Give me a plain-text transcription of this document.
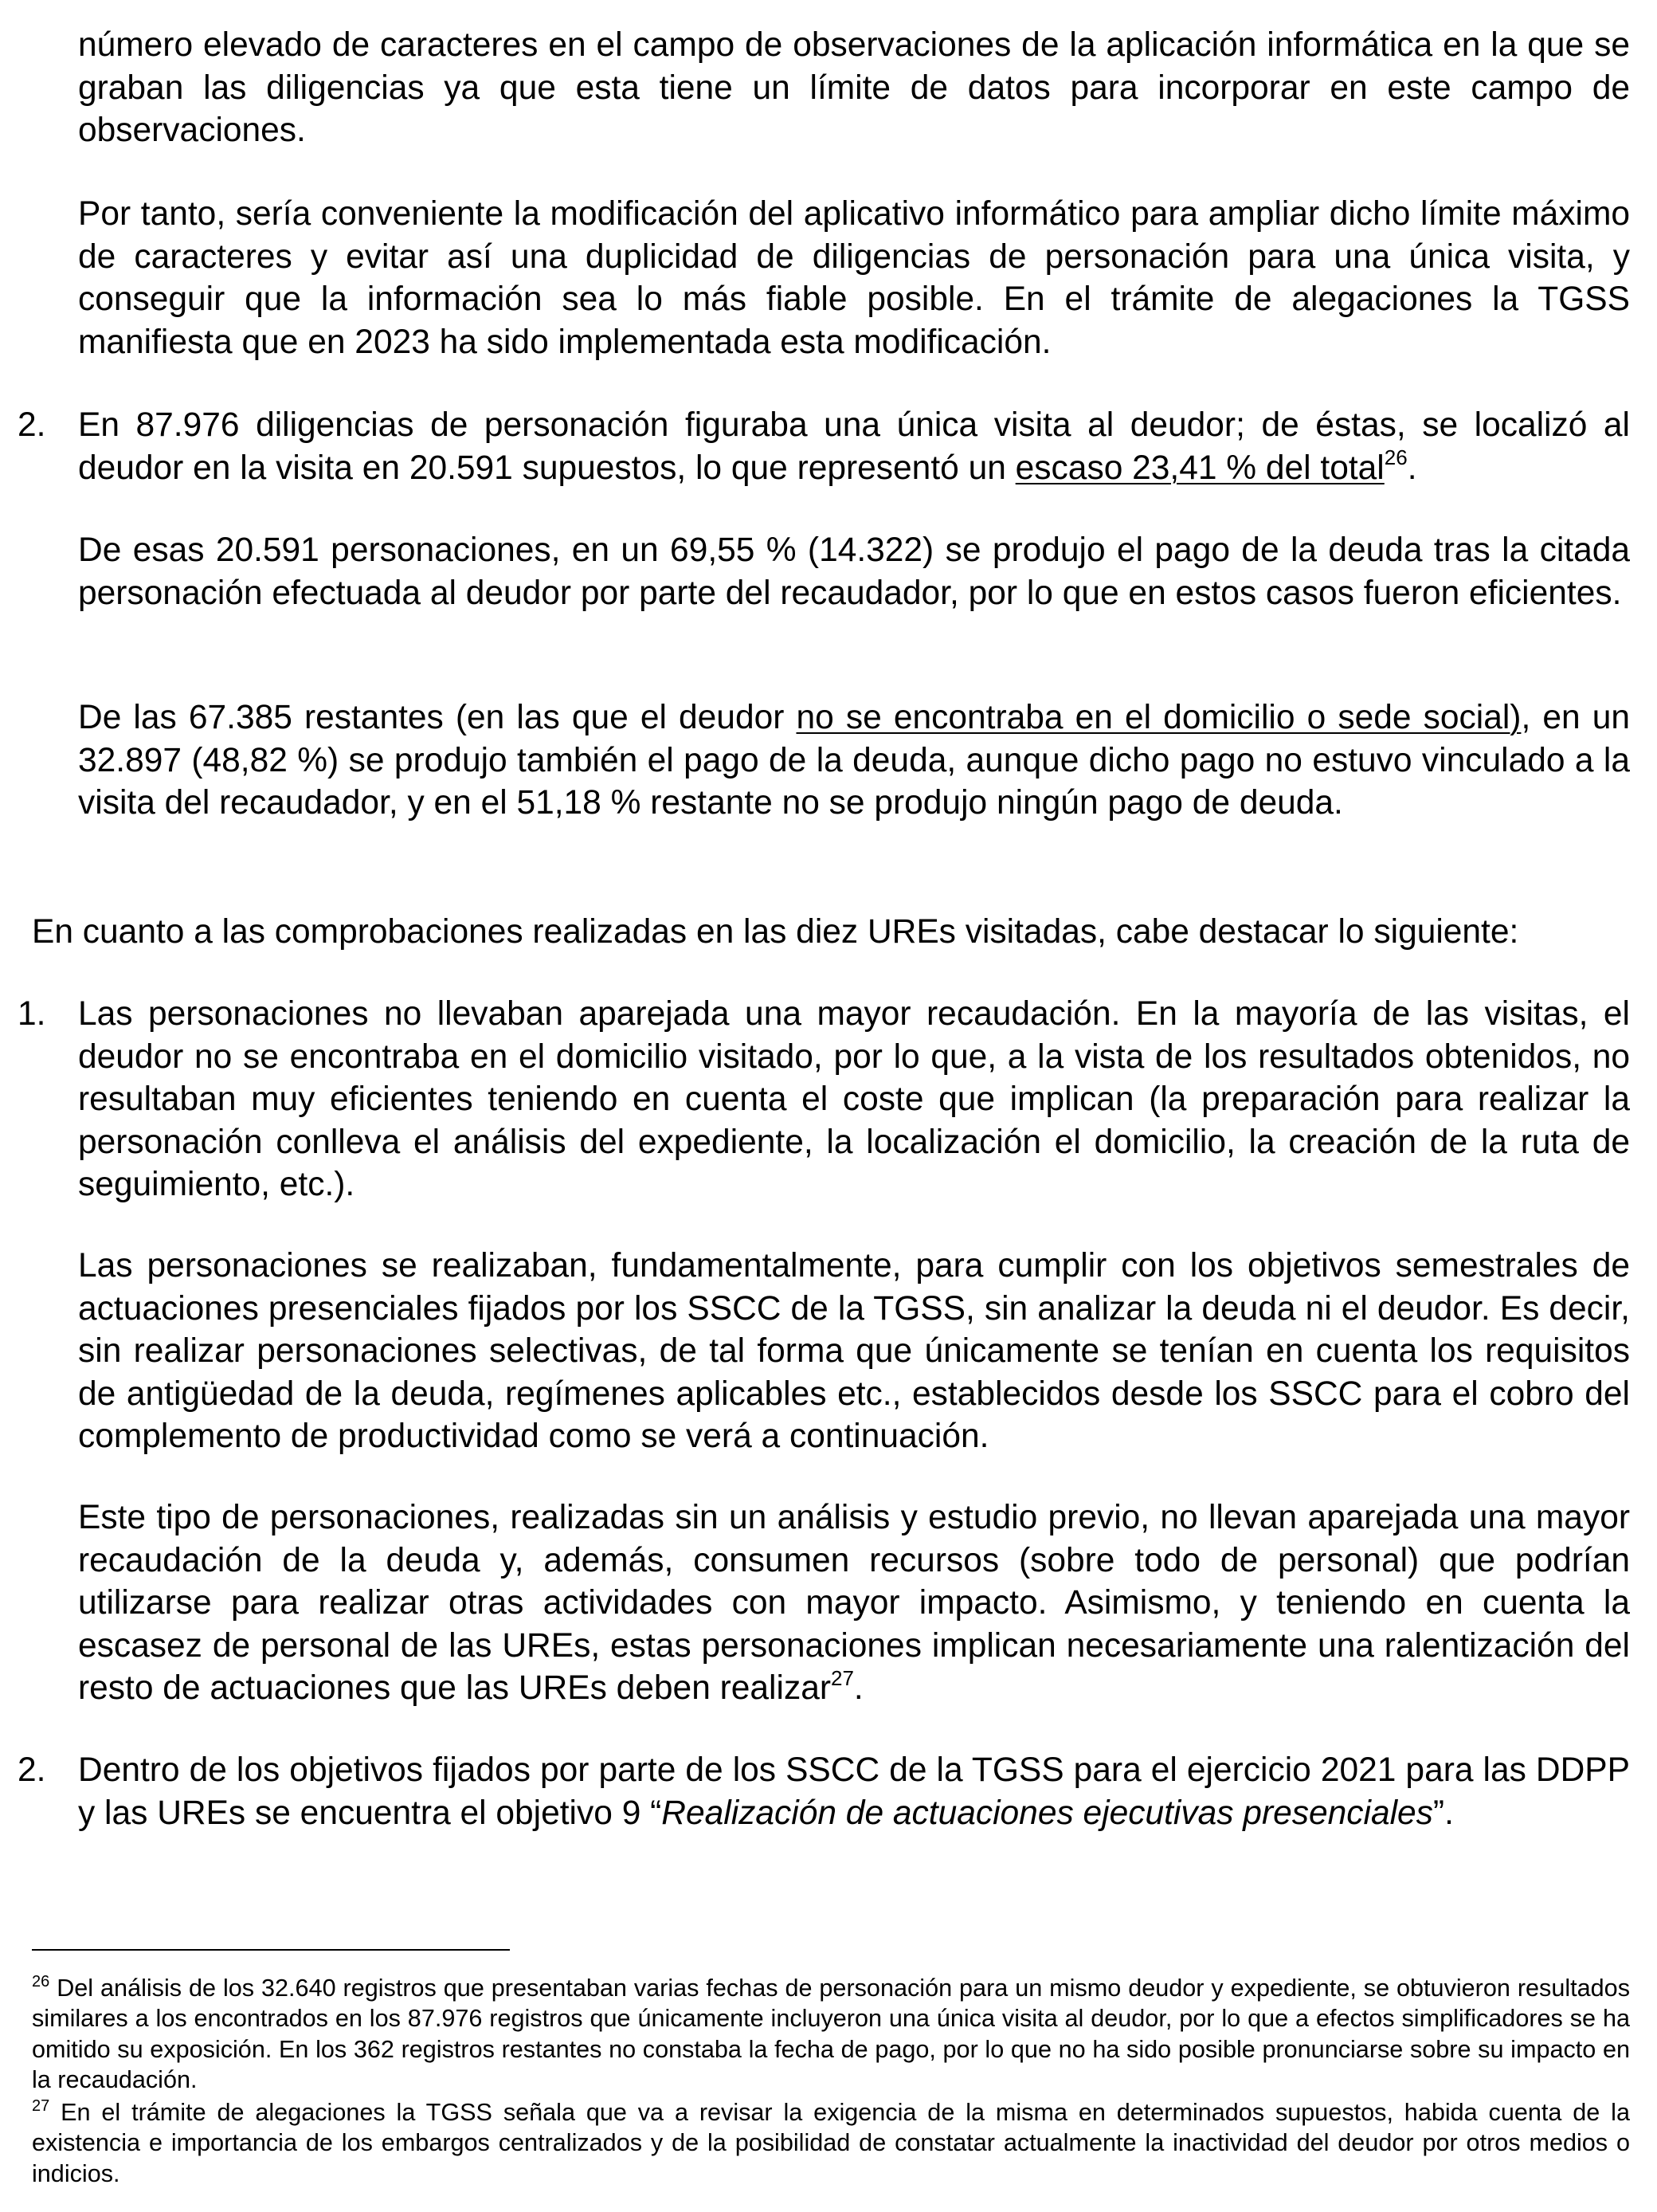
número elevado de caracteres en el campo de observaciones de la aplicación informática en la que se graban las diligencias ya que esta tiene un límite de datos para incorporar en este campo de observaciones.

Por tanto, sería conveniente la modificación del aplicativo informático para ampliar dicho límite máximo de caracteres y evitar así una duplicidad de diligencias de personación para una única visita, y conseguir que la información sea lo más fiable posible. En el trámite de alegaciones la TGSS manifiesta que en 2023 ha sido implementada esta modificación.

2. En 87.976 diligencias de personación figuraba una única visita al deudor; de éstas, se localizó al deudor en la visita en 20.591 supuestos, lo que representó un escaso 23,41 % del total$^{26}$.

De esas 20.591 personaciones, en un 69,55 % (14.322) se produjo el pago de la deuda tras la citada personación efectuada al deudor por parte del recaudador, por lo que en estos casos fueron eficientes.

De las 67.385 restantes (en las que el deudor no se encontraba en el domicilio o sede social), en un 32.897 (48,82 %) se produjo también el pago de la deuda, aunque dicho pago no estuvo vinculado a la visita del recaudador, y en el 51,18 % restante no se produjo ningún pago de deuda.

En cuanto a las comprobaciones realizadas en las diez UREs visitadas, cabe destacar lo siguiente:

1. Las personaciones no llevaban aparejada una mayor recaudación. En la mayoría de las visitas, el deudor no se encontraba en el domicilio visitado, por lo que, a la vista de los resultados obtenidos, no resultaban muy eficientes teniendo en cuenta el coste que implican (la preparación para realizar la personación conlleva el análisis del expediente, la localización el domicilio, la creación de la ruta de seguimiento, etc.).

Las personaciones se realizaban, fundamentalmente, para cumplir con los objetivos semestrales de actuaciones presenciales fijados por los SSCC de la TGSS, sin analizar la deuda ni el deudor. Es decir, sin realizar personaciones selectivas, de tal forma que únicamente se tenían en cuenta los requisitos de antigüedad de la deuda, regímenes aplicables etc., establecidos desde los SSCC para el cobro del complemento de productividad como se verá a continuación.

Este tipo de personaciones, realizadas sin un análisis y estudio previo, no llevan aparejada una mayor recaudación de la deuda y, además, consumen recursos (sobre todo de personal) que podrían utilizarse para realizar otras actividades con mayor impacto. Asimismo, y teniendo en cuenta la escasez de personal de las UREs, estas personaciones implican necesariamente una ralentización del resto de actuaciones que las UREs deben realizar$^{27}$.

2. Dentro de los objetivos fijados por parte de los SSCC de la TGSS para el ejercicio 2021 para las DDPP y las UREs se encuentra el objetivo 9 “Realización de actuaciones ejecutivas presenciales”.

$^{26}$ Del análisis de los 32.640 registros que presentaban varias fechas de personación para un mismo deudor y expediente, se obtuvieron resultados similares a los encontrados en los 87.976 registros que únicamente incluyeron una única visita al deudor, por lo que a efectos simplificadores se ha omitido su exposición. En los 362 registros restantes no constaba la fecha de pago, por lo que no ha sido posible pronunciarse sobre su impacto en la recaudación.

$^{27}$ En el trámite de alegaciones la TGSS señala que va a revisar la exigencia de la misma en determinados supuestos, habida cuenta de la existencia e importancia de los embargos centralizados y de la posibilidad de constatar actualmente la inactividad del deudor por otros medios o indicios.
